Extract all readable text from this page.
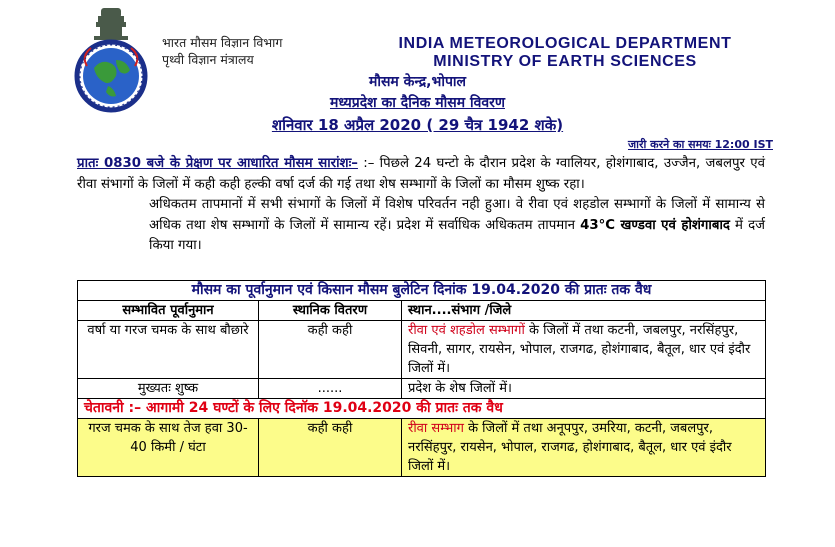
भारत मौसम विज्ञान विभाग
पृथ्वी विज्ञान मंत्रालय
INDIA METEOROLOGICAL DEPARTMENT
MINISTRY OF EARTH SCIENCES
मौसम केन्द्र,भोपाल
मध्यप्रदेश का दैनिक मौसम विवरण
शनिवार 18 अप्रैल 2020 ( 29 चैत्र 1942 शके)
जारी करने का समयः 12:00 IST

प्रातः 0830 बजे के प्रेक्षण पर आधारित मौसम सारांशः– :– पिछले 24 घन्टो के दौरान प्रदेश के ग्वालियर, होशंगाबाद, उज्जैन, जबलपुर एवं रीवा संभागों के जिलों में कही कही हल्की वर्षा दर्ज की गई तथा शेष सम्भागों के जिलों का मौसम शुष्क रहा।

अधिकतम तापमानों में सभी संभागों के जिलों में विशेष परिवर्तन नही हुआ। वे रीवा एवं शहडोल सम्भागों के जिलों में सामान्य से अधिक तथा शेष सम्भागों के जिलों में सामान्य रहें। प्रदेश में सर्वाधिक अधिकतम तापमान 43°C खण्डवा एवं होशंगाबाद में दर्ज किया गया।

मौसम का पूर्वानुमान एवं किसान मौसम बुलेटिन दिनांक 19.04.2020 की प्रातः तक वैध		
सम्भावित पूर्वानुमान	स्थानिक वितरण	स्थान....संभाग /जिले
वर्षा या गरज चमक के साथ बौछारे	कही कही	रीवा एवं शहडोल सम्भागों के जिलों में तथा कटनी, जबलपुर, नरसिंहपुर, सिवनी, सागर, रायसेन, भोपाल, राजगढ, होशंगाबाद, बैतूल, धार एवं इंदौर जिलों में।
मुख्यतः शुष्क	......	प्रदेश के शेष जिलों में।
चेतावनी :– आगामी 24 घण्टों के लिए दिनॉक 19.04.2020 की प्रातः तक वैध		
गरज चमक के साथ तेज हवा 30-40 किमी / घंटा	कही कही	रीवा सम्भाग के जिलों में तथा अनूपपुर, उमरिया, कटनी, जबलपुर, नरसिंहपुर, रायसेन, भोपाल, राजगढ, होशंगाबाद, बैतूल, धार एवं इंदौर जिलों में।
